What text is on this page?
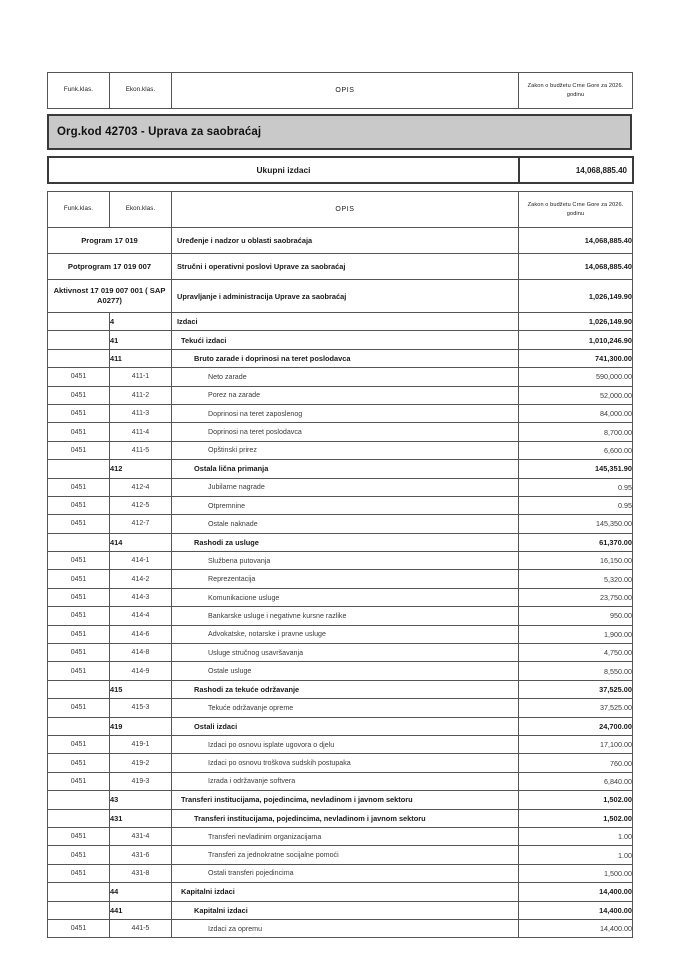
Funk.klas.	Ekon.klas.	OPIS	Zakon o budžetu Crne Gore za 2026. godinu
Org.kod 42703 - Uprava za saobraćaj
Ukupni izdaci	14,068,885.40
Funk.klas.	Ekon.klas.	OPIS	Zakon o budžetu Crne Gore za 2026. godinu
Program 17 019		Uređenje i nadzor u oblasti saobraćaja	14,068,885.40
Potprogram 17 019 007		Stručni i operativni poslovi Uprave za saobraćaj	14,068,885.40
Aktivnost 17 019 007 001 ( SAP A0277)		Upravljanje i administracija Uprave za saobraćaj	1,026,149.90
	4	Izdaci	1,026,149.90
	41	Tekući izdaci	1,010,246.90
	411	Bruto zarade i doprinosi na teret poslodavca	741,300.00
0451	411-1	Neto zarade	590,000.00
0451	411-2	Porez na zarade	52,000.00
0451	411-3	Doprinosi na teret zaposlenog	84,000.00
0451	411-4	Doprinosi na teret poslodavca	8,700.00
0451	411-5	Opštinski prirez	6,600.00
	412	Ostala lična primanja	145,351.90
0451	412-4	Jubilarne nagrade	0.95
0451	412-5	Otpremnine	0.95
0451	412-7	Ostale naknade	145,350.00
	414	Rashodi za usluge	61,370.00
0451	414-1	Službena putovanja	16,150.00
0451	414-2	Reprezentacija	5,320.00
0451	414-3	Komunikacione usluge	23,750.00
0451	414-4	Bankarske usluge i negativne kursne razlike	950.00
0451	414-6	Advokatske, notarske i pravne usluge	1,900.00
0451	414-8	Usluge stručnog usavršavanja	4,750.00
0451	414-9	Ostale usluge	8,550.00
	415	Rashodi za tekuće održavanje	37,525.00
0451	415-3	Tekuće održavanje opreme	37,525.00
	419	Ostali izdaci	24,700.00
0451	419-1	Izdaci po osnovu isplate ugovora o djelu	17,100.00
0451	419-2	Izdaci po osnovu troškova sudskih postupaka	760.00
0451	419-3	Izrada i održavanje softvera	6,840.00
	43	Transferi institucijama, pojedincima, nevladinom i javnom sektoru	1,502.00
	431	Transferi institucijama, pojedincima, nevladinom i javnom sektoru	1,502.00
0451	431-4	Transferi nevladinim organizacijama	1.00
0451	431-6	Transferi za jednokratne socijalne pomoći	1.00
0451	431-8	Ostali transferi pojedincima	1,500.00
	44	Kapitalni izdaci	14,400.00
	441	Kapitalni izdaci	14,400.00
0451	441-5	Izdaci za opremu	14,400.00
